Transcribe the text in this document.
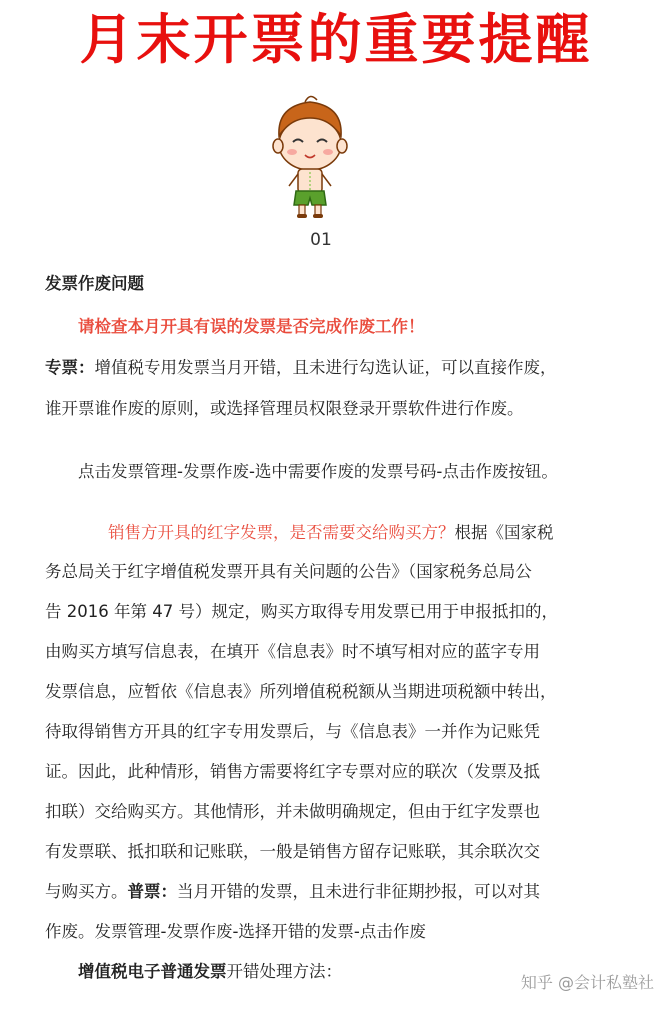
月末开票的重要提醒
01
发票作废问题
请检查本月开具有误的发票是否完成作废工作！
专票：增值税专用发票当月开错，且未进行勾选认证，可以直接作废，
谁开票谁作废的原则，或选择管理员权限登录开票软件进行作废。
点击发票管理-发票作废-选中需要作废的发票号码-点击作废按钮。
销售方开具的红字发票，是否需要交给购买方？根据《国家税
务总局关于红字增值税发票开具有关问题的公告》（国家税务总局公
告 2016 年第 47 号）规定，购买方取得专用发票已用于申报抵扣的，
由购买方填写信息表，在填开《信息表》时不填写相对应的蓝字专用
发票信息，应暂依《信息表》所列增值税税额从当期进项税额中转出，
待取得销售方开具的红字专用发票后，与《信息表》一并作为记账凭
证。因此，此种情形，销售方需要将红字专票对应的联次（发票及抵
扣联）交给购买方。其他情形，并未做明确规定，但由于红字发票也
有发票联、抵扣联和记账联，一般是销售方留存记账联，其余联次交
与购买方。普票：当月开错的发票，且未进行非征期抄报，可以对其
作废。发票管理-发票作废-选择开错的发票-点击作废
增值税电子普通发票开错处理方法：
知乎 @会计私塾社
